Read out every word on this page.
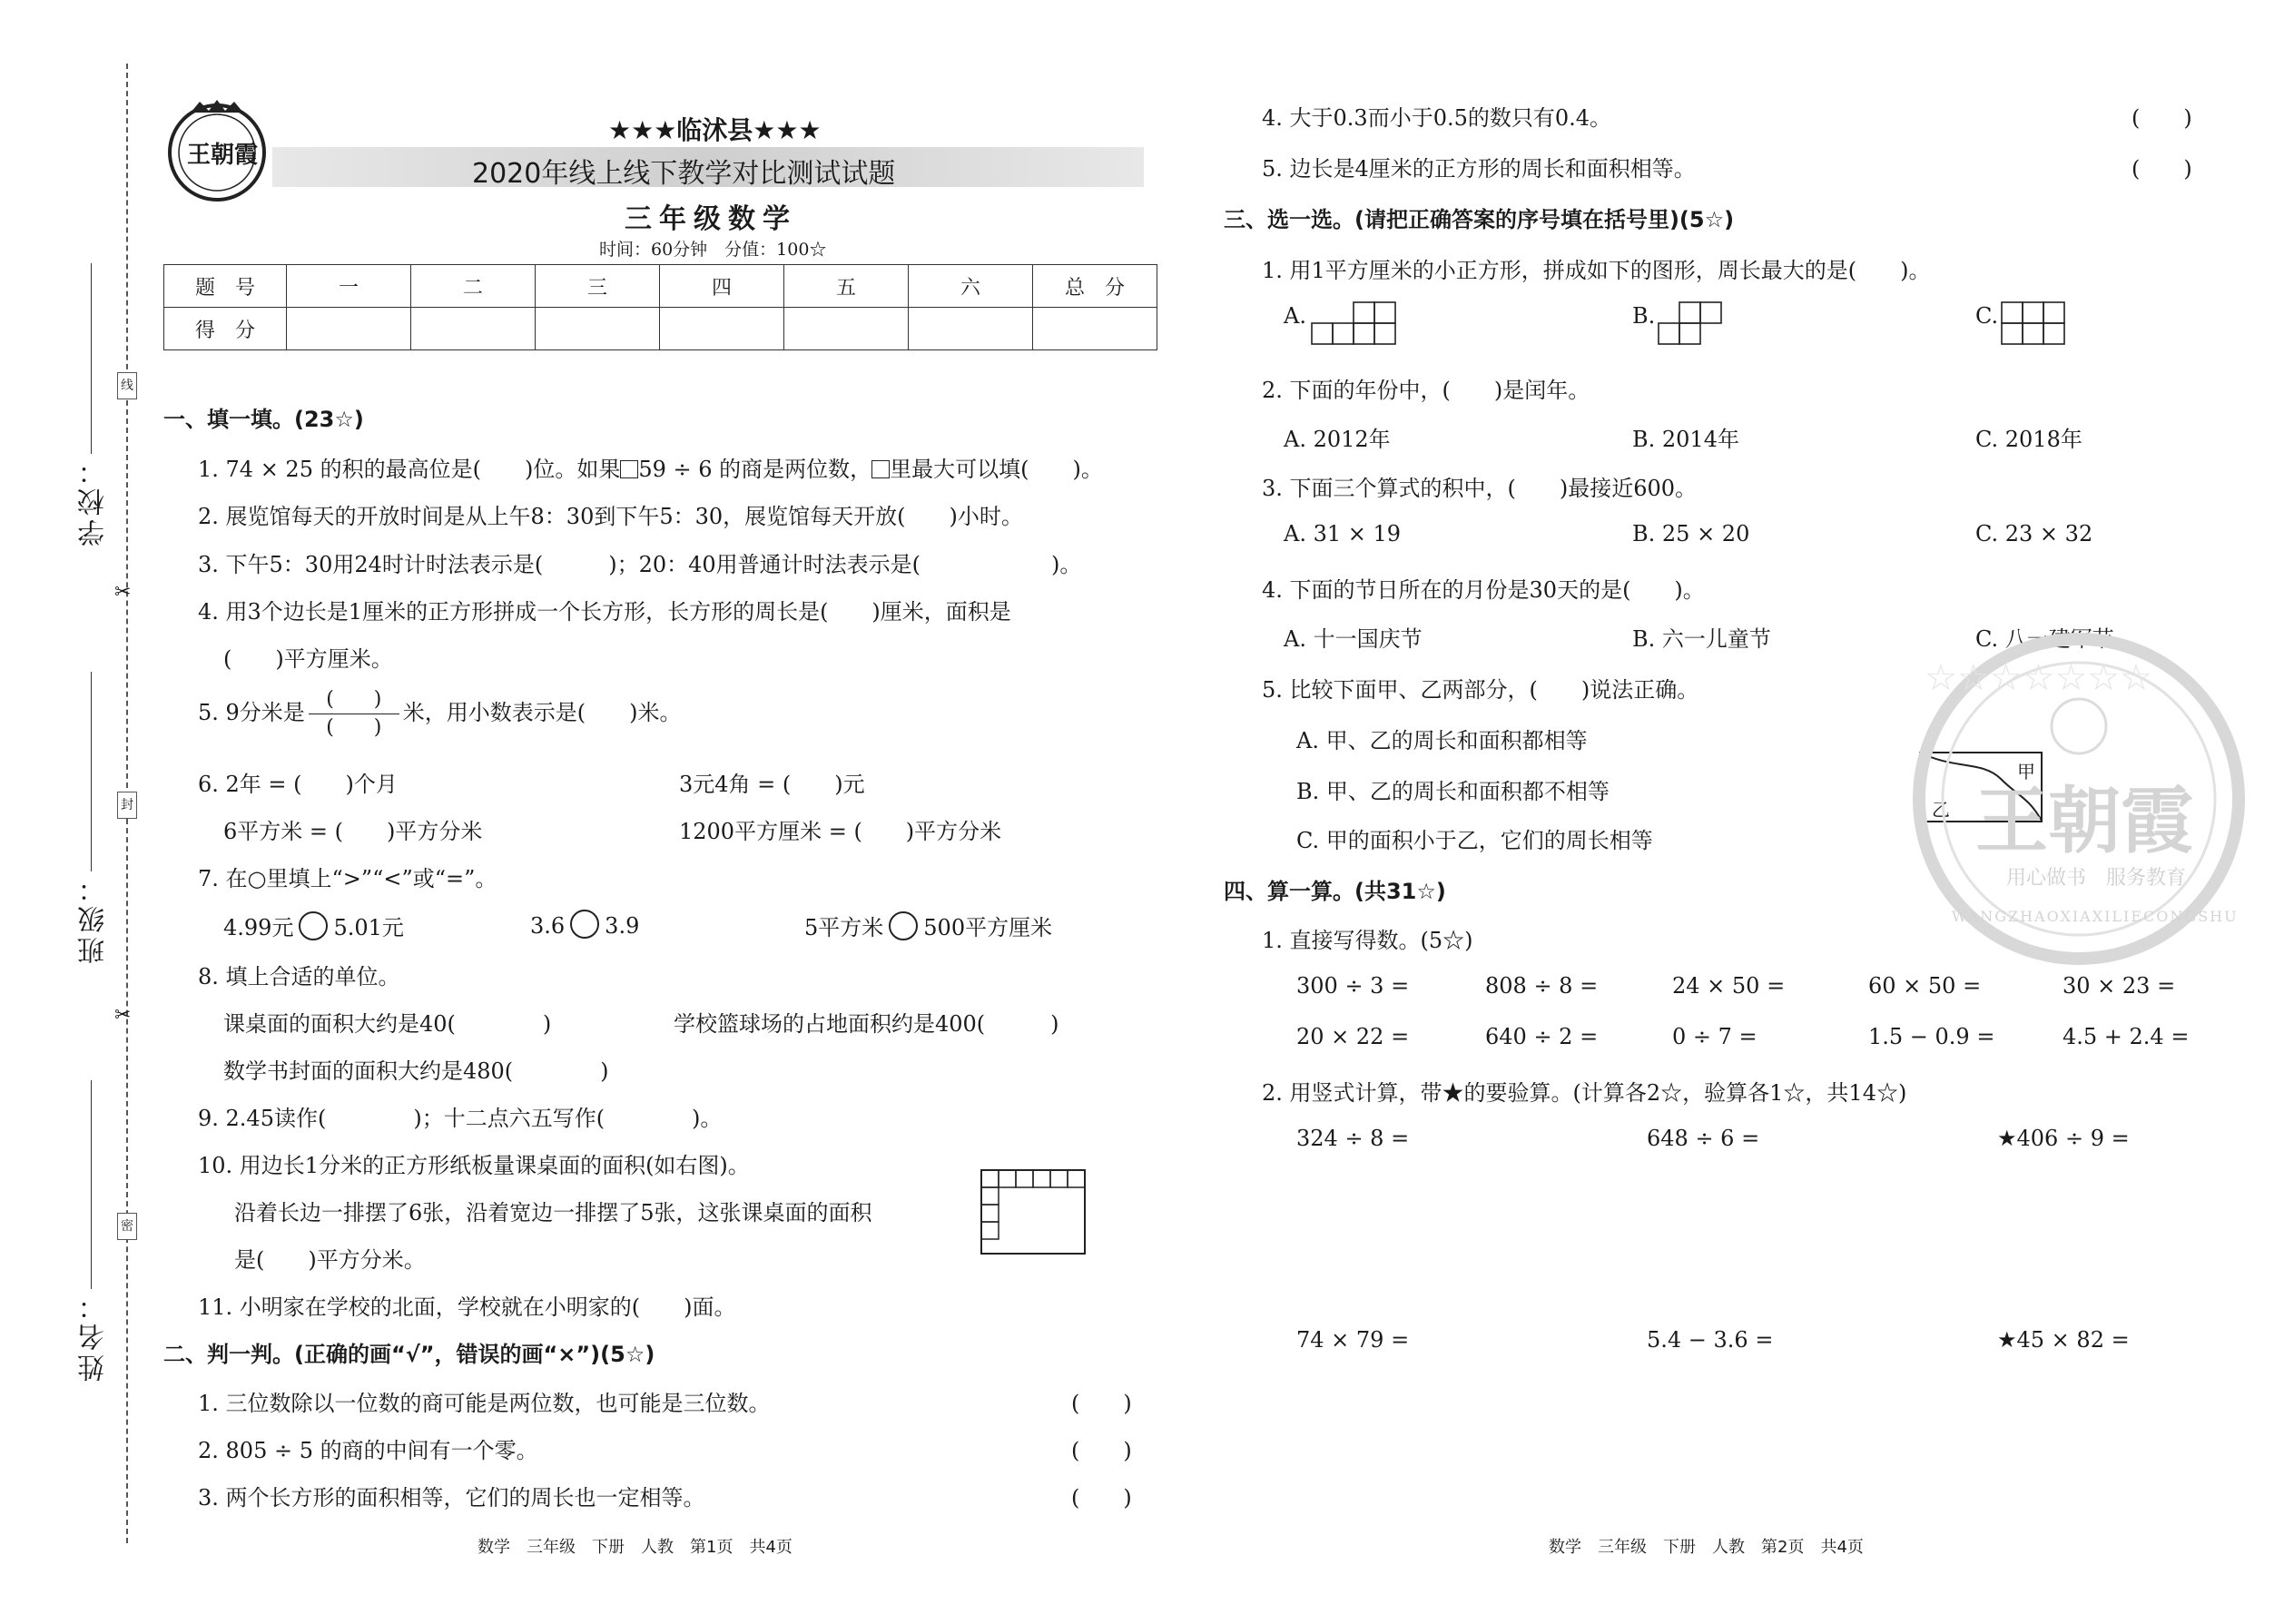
线
✂
封
✂
密
学校：
班级：
姓名：
王朝霞
★★★临沭县★★★
2020年线上线下教学对比测试试题
三年级数学
时间：60分钟　分值：100☆
题　号	一	二	三	四	五	六	总　分
得　分							
一、填一填。(23☆)
1. 74 × 25 的积的最高位是(　　)位。如果 59 ÷ 6 的商是两位数， 里最大可以填(　　)。
2. 展览馆每天的开放时间是从上午8：30到下午5：30，展览馆每天开放(　　)小时。
3. 下午5：30用24时计时法表示是(　　　)；20：40用普通计时法表示是(　　　　　　)。
4. 用3个边长是1厘米的正方形拼成一个长方形，长方形的周长是(　　)厘米，面积是
(　　)平方厘米。
5. 9分米是 $\frac{( )}{( )}$ 米，用小数表示是(　　)米。
6. 2年 = (　　)个月	3元4角 = (　　)元
6平方米 = (　　)平方分米	1200平方厘米 = (　　)平方分米
7. 在○里填上“>”“<”或“=”。
4.99元 5.01元	3.6 3.9	5平方米 500平方厘米
8. 填上合适的单位。
课桌面的面积大约是40(　　　　)	学校篮球场的占地面积约是400(　　　)
数学书封面的面积大约是480(　　　　)
9. 2.45读作(　　　　)；十二点六五写作(　　　　)。
10. 用边长1分米的正方形纸板量课桌面的面积(如右图)。
沿着长边一排摆了6张，沿着宽边一排摆了5张，这张课桌面的面积
是(　　)平方分米。
11. 小明家在学校的北面，学校就在小明家的(　　)面。
二、判一判。(正确的画“√”，错误的画“×”)(5☆)
1. 三位数除以一位数的商可能是两位数，也可能是三位数。	(　　)
2. 805 ÷ 5 的商的中间有一个零。	(　　)
3. 两个长方形的面积相等，它们的周长也一定相等。	(　　)
数学　三年级　下册　人教　第1页　共4页
4. 大于0.3而小于0.5的数只有0.4。	(　　)
5. 边长是4厘米的正方形的周长和面积相等。	(　　)
三、选一选。(请把正确答案的序号填在括号里)(5☆)
1. 用1平方厘米的小正方形，拼成如下的图形，周长最大的是(　　)。
A.	B.	C.
2. 下面的年份中，(　　)是闰年。
A. 2012年	B. 2014年	C. 2018年
3. 下面三个算式的积中，(　　)最接近600。
A. 31 × 19	B. 25 × 20	C. 23 × 32
4. 下面的节日所在的月份是30天的是(　　)。
A. 十一国庆节	B. 六一儿童节	C. 八一建军节
5. 比较下面甲、乙两部分，(　　)说法正确。
A. 甲、乙的周长和面积都相等
B. 甲、乙的周长和面积都不相等
C. 甲的面积小于乙，它们的周长相等
甲
乙
☆☆☆☆☆☆☆
王朝霞
用心做书　服务教育
WANGZHAOXIAXILIECONGSHU
四、算一算。(共31☆)
1. 直接写得数。(5☆)
300 ÷ 3 =	808 ÷ 8 =	24 × 50 =	60 × 50 =	30 × 23 =
20 × 22 =	640 ÷ 2 =	0 ÷ 7 =	1.5 − 0.9 =	4.5 + 2.4 =
2. 用竖式计算，带★的要验算。(计算各2☆，验算各1☆，共14☆)
324 ÷ 8 =	648 ÷ 6 =	★406 ÷ 9 =
74 × 79 =	5.4 − 3.6 =	★45 × 82 =
数学　三年级　下册　人教　第2页　共4页
